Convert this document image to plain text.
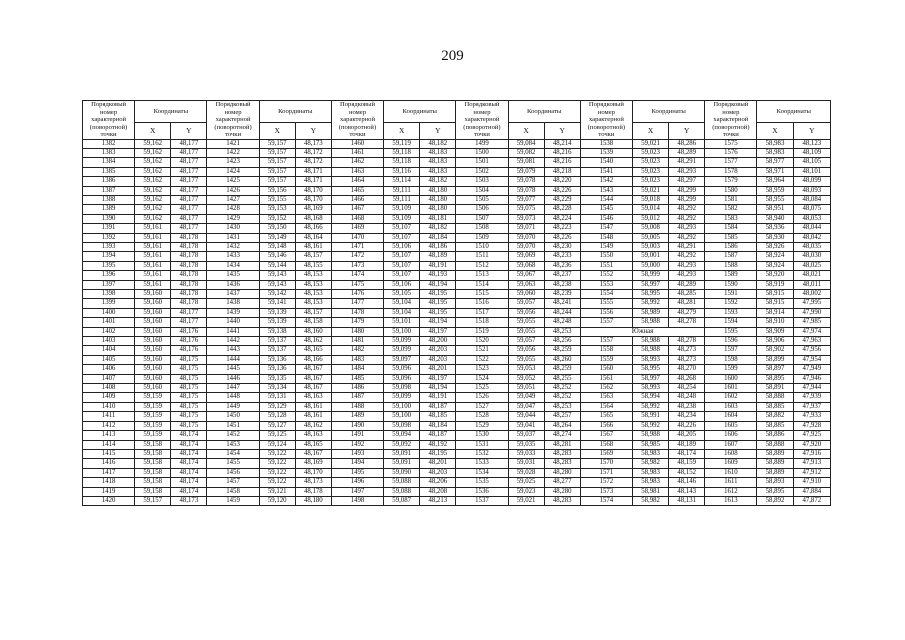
209
Порядковый номер характерной (поворотной) точки	Координаты		Порядковый номер характерной (поворотной) точки	Координаты		Порядковый номер характерной (поворотной) точки	Координаты		Порядковый номер характерной (поворотной) точки	Координаты		Порядковый номер характерной (поворотной) точки	Координаты		Порядковый номер характерной (поворотной) точки	Координаты	
	X	Y		X	Y		X	Y		X	Y		X	Y		X	Y
1382	59,162	48,177	1421	59,157	48,173	1460	59,119	48,182	1499	59,084	48,214	1538	59,021	48,286	1575	58,983	48,123
1383	59,162	48,177	1422	59,157	48,172	1461	59,118	48,183	1500	59,082	48,216	1539	59,023	48,289	1576	58,983	48,109
1384	59,162	48,177	1423	59,157	48,172	1462	59,118	48,183	1501	59,081	48,216	1540	59,023	48,291	1577	58,977	48,105
1385	59,162	48,177	1424	59,157	48,171	1463	59,116	48,183	1502	59,079	48,218	1541	59,023	48,293	1578	58,971	48,101
1386	59,162	48,177	1425	59,157	48,171	1464	59,114	48,182	1503	59,078	48,220	1542	59,023	48,297	1579	58,964	48,099
1387	59,162	48,177	1426	59,156	48,170	1465	59,111	48,180	1504	59,078	48,226	1543	59,021	48,299	1580	58,959	48,093
1388	59,162	48,177	1427	59,155	48,170	1466	59,111	48,180	1505	59,077	48,229	1544	59,018	48,299	1581	58,955	48,084
1389	59,162	48,177	1428	59,153	48,169	1467	59,109	48,180	1506	59,075	48,228	1545	59,014	48,292	1582	58,951	48,075
1390	59,162	48,177	1429	59,152	48,168	1468	59,109	48,181	1507	59,073	48,224	1546	59,012	48,292	1583	58,940	48,053
1391	59,161	48,177	1430	59,150	48,166	1469	59,107	48,182	1508	59,071	48,223	1547	59,008	48,293	1584	58,936	48,044
1392	59,161	48,178	1431	59,149	48,164	1470	59,107	48,184	1509	59,070	48,226	1548	59,005	48,292	1585	58,930	48,042
1393	59,161	48,178	1432	59,148	48,161	1471	59,106	48,186	1510	59,070	48,230	1549	59,003	48,291	1586	58,926	48,035
1394	59,161	48,178	1433	59,146	48,157	1472	59,107	48,189	1511	59,069	48,233	1550	59,001	48,292	1587	58,924	48,030
1395	59,161	48,178	1434	59,144	48,155	1473	59,107	48,191	1512	59,068	48,236	1551	59,000	48,293	1588	58,924	48,025
1396	59,161	48,178	1435	59,143	48,153	1474	59,107	48,193	1513	59,067	48,237	1552	58,999	48,293	1589	58,920	48,021
1397	59,161	48,178	1436	59,143	48,153	1475	59,106	48,194	1514	59,063	48,238	1553	58,997	48,289	1590	58,919	48,011
1398	59,160	48,178	1437	59,142	48,153	1476	59,105	48,195	1515	59,060	48,239	1554	58,995	48,285	1591	58,915	48,002
1399	59,160	48,178	1438	59,141	48,153	1477	59,104	48,195	1516	59,057	48,241	1555	58,992	48,281	1592	58,915	47,995
1400	59,160	48,177	1439	59,139	48,157	1478	59,104	48,195	1517	59,056	48,244	1556	58,989	48,279	1593	58,914	47,990
1401	59,160	48,177	1440	59,139	48,158	1479	59,101	48,194	1518	59,055	48,248	1557	58,988	48,278	1594	58,910	47,985
1402	59,160	48,176	1441	59,138	48,160	1480	59,100	48,197	1519	59,055	48,253	Южная			1595	58,909	47,974
1403	59,160	48,176	1442	59,137	48,162	1481	59,099	48,200	1520	59,057	48,256	1557	58,988	48,278	1596	58,906	47,963
1404	59,160	48,176	1443	59,137	48,165	1482	59,099	48,203	1521	59,056	48,259	1558	58,988	48,273	1597	58,902	47,956
1405	59,160	48,175	1444	59,136	48,166	1483	59,097	48,203	1522	59,055	48,260	1559	58,993	48,273	1598	58,899	47,954
1406	59,160	48,175	1445	59,136	48,167	1484	59,096	48,201	1523	59,053	48,259	1560	58,995	48,270	1599	58,897	47,949
1407	59,160	48,175	1446	59,135	48,167	1485	59,096	48,197	1524	59,052	48,255	1561	58,997	48,268	1600	58,895	47,946
1408	59,160	48,175	1447	59,134	48,167	1486	59,098	48,194	1525	59,051	48,252	1562	58,993	48,254	1601	58,891	47,944
1409	59,159	48,175	1448	59,131	48,163	1487	59,099	48,191	1526	59,049	48,252	1563	58,994	48,248	1602	58,888	47,939
1410	59,159	48,175	1449	59,129	48,161	1488	59,100	48,187	1527	59,047	48,253	1564	58,992	48,238	1603	58,885	47,937
1411	59,159	48,175	1450	59,128	48,161	1489	59,100	48,185	1528	59,044	48,257	1565	58,991	48,234	1604	58,882	47,933
1412	59,159	48,175	1451	59,127	48,162	1490	59,098	48,184	1529	59,041	48,264	1566	58,992	48,226	1605	58,885	47,928
1413	59,159	48,174	1452	59,125	48,163	1491	59,094	48,187	1530	59,037	48,274	1567	58,988	48,205	1606	58,886	47,925
1414	59,158	48,174	1453	59,124	48,165	1492	59,092	48,192	1531	59,035	48,281	1568	58,985	48,189	1607	58,888	47,920
1415	59,158	48,174	1454	59,122	48,167	1493	59,091	48,195	1532	59,033	48,283	1569	58,983	48,174	1608	58,889	47,916
1416	59,158	48,174	1455	59,122	48,169	1494	59,091	48,201	1533	59,031	48,283	1570	58,982	48,159	1609	58,889	47,913
1417	59,158	48,174	1456	59,122	48,170	1495	59,090	48,203	1534	59,028	48,280	1571	58,983	48,152	1610	58,889	47,912
1418	59,158	48,174	1457	59,122	48,173	1496	59,088	48,206	1535	59,025	48,277	1572	58,983	48,146	1611	58,893	47,910
1419	59,158	48,174	1458	59,121	48,178	1497	59,088	48,208	1536	59,023	48,280	1573	58,981	48,143	1612	58,895	47,884
1420	59,157	48,173	1459	59,120	48,180	1498	59,087	48,213	1537	59,021	48,283	1574	58,982	48,131	1613	58,892	47,872
